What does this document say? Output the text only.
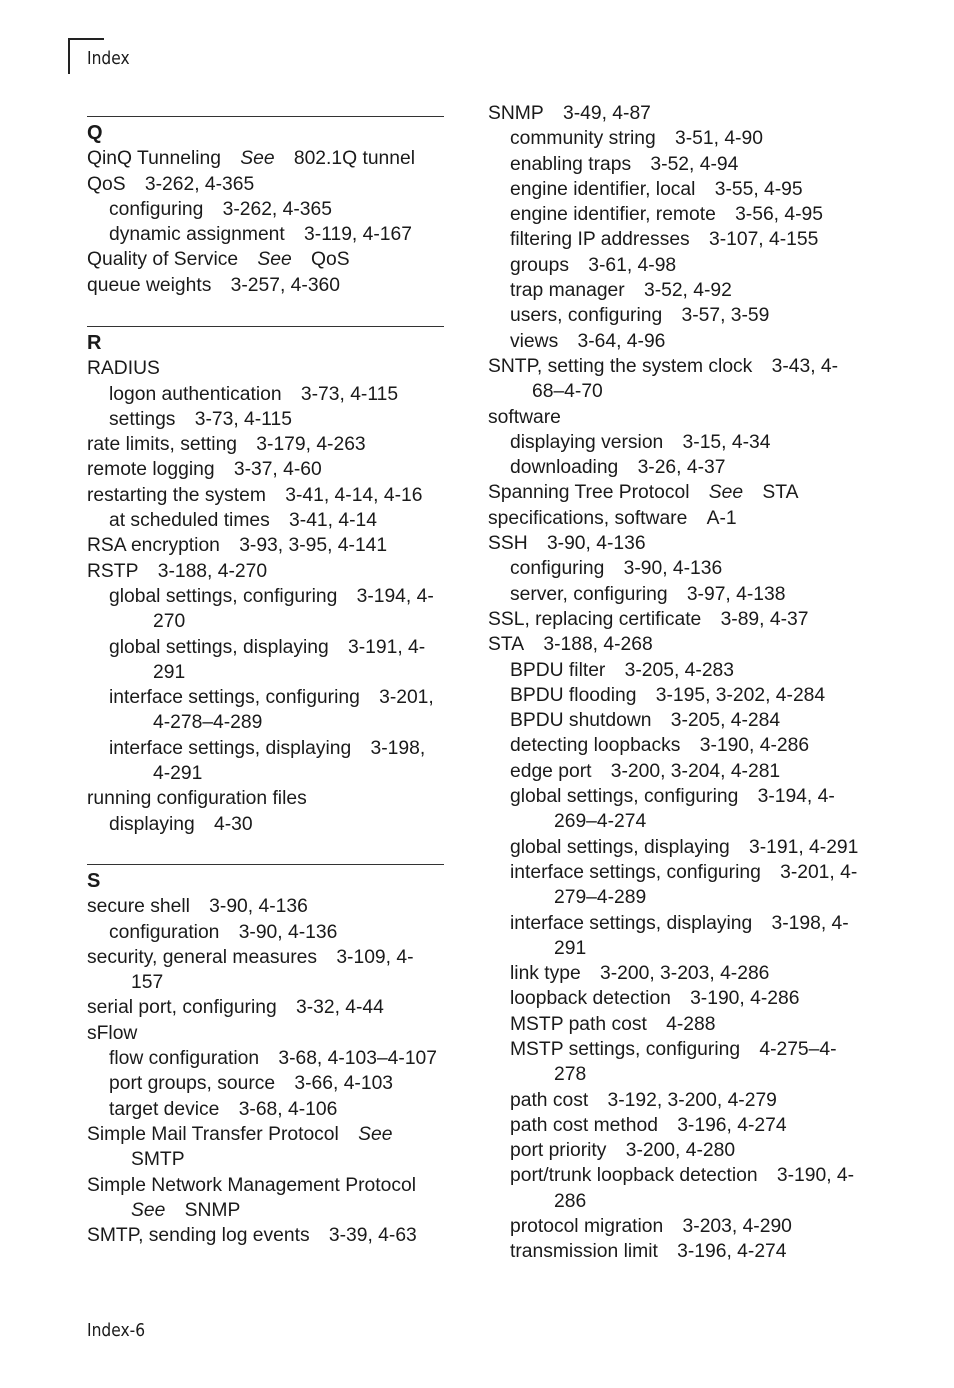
Index
Q
QinQ Tunneling  See  802.1Q tunnel
QoS  3-262, 4-365
configuring  3-262, 4-365
dynamic assignment  3-119, 4-167
Quality of Service  See  QoS
queue weights  3-257, 4-360
R
RADIUS
logon authentication  3-73, 4-115
settings  3-73, 4-115
rate limits, setting  3-179, 4-263
remote logging  3-37, 4-60
restarting the system  3-41, 4-14, 4-16
at scheduled times  3-41, 4-14
RSA encryption  3-93, 3-95, 4-141
RSTP  3-188, 4-270
global settings, configuring  3-194, 4-270
global settings, displaying  3-191, 4-291
interface settings, configuring  3-201, 4-278–4-289
interface settings, displaying  3-198, 4-291
running configuration files
displaying  4-30
S
secure shell  3-90, 4-136
configuration  3-90, 4-136
security, general measures  3-109, 4-157
serial port, configuring  3-32, 4-44
sFlow
flow configuration  3-68, 4-103–4-107
port groups, source  3-66, 4-103
target device  3-68, 4-106
Simple Mail Transfer Protocol  See SMTP
Simple Network Management Protocol See  SNMP
SMTP, sending log events  3-39, 4-63
SNMP  3-49, 4-87
community string  3-51, 4-90
enabling traps  3-52, 4-94
engine identifier, local  3-55, 4-95
engine identifier, remote  3-56, 4-95
filtering IP addresses  3-107, 4-155
groups  3-61, 4-98
trap manager  3-52, 4-92
users, configuring  3-57, 3-59
views  3-64, 4-96
SNTP, setting the system clock  3-43, 4-68–4-70
software
displaying version  3-15, 4-34
downloading  3-26, 4-37
Spanning Tree Protocol  See  STA
specifications, software  A-1
SSH  3-90, 4-136
configuring  3-90, 4-136
server, configuring  3-97, 4-138
SSL, replacing certificate  3-89, 4-37
STA  3-188, 4-268
BPDU filter  3-205, 4-283
BPDU flooding  3-195, 3-202, 4-284
BPDU shutdown  3-205, 4-284
detecting loopbacks  3-190, 4-286
edge port  3-200, 3-204, 4-281
global settings, configuring  3-194, 4-269–4-274
global settings, displaying  3-191, 4-291
interface settings, configuring  3-201, 4-279–4-289
interface settings, displaying  3-198, 4-291
link type  3-200, 3-203, 4-286
loopback detection  3-190, 4-286
MSTP path cost  4-288
MSTP settings, configuring  4-275–4-278
path cost  3-192, 3-200, 4-279
path cost method  3-196, 4-274
port priority  3-200, 4-280
port/trunk loopback detection  3-190, 4-286
protocol migration  3-203, 4-290
transmission limit  3-196, 4-274
Index-6
